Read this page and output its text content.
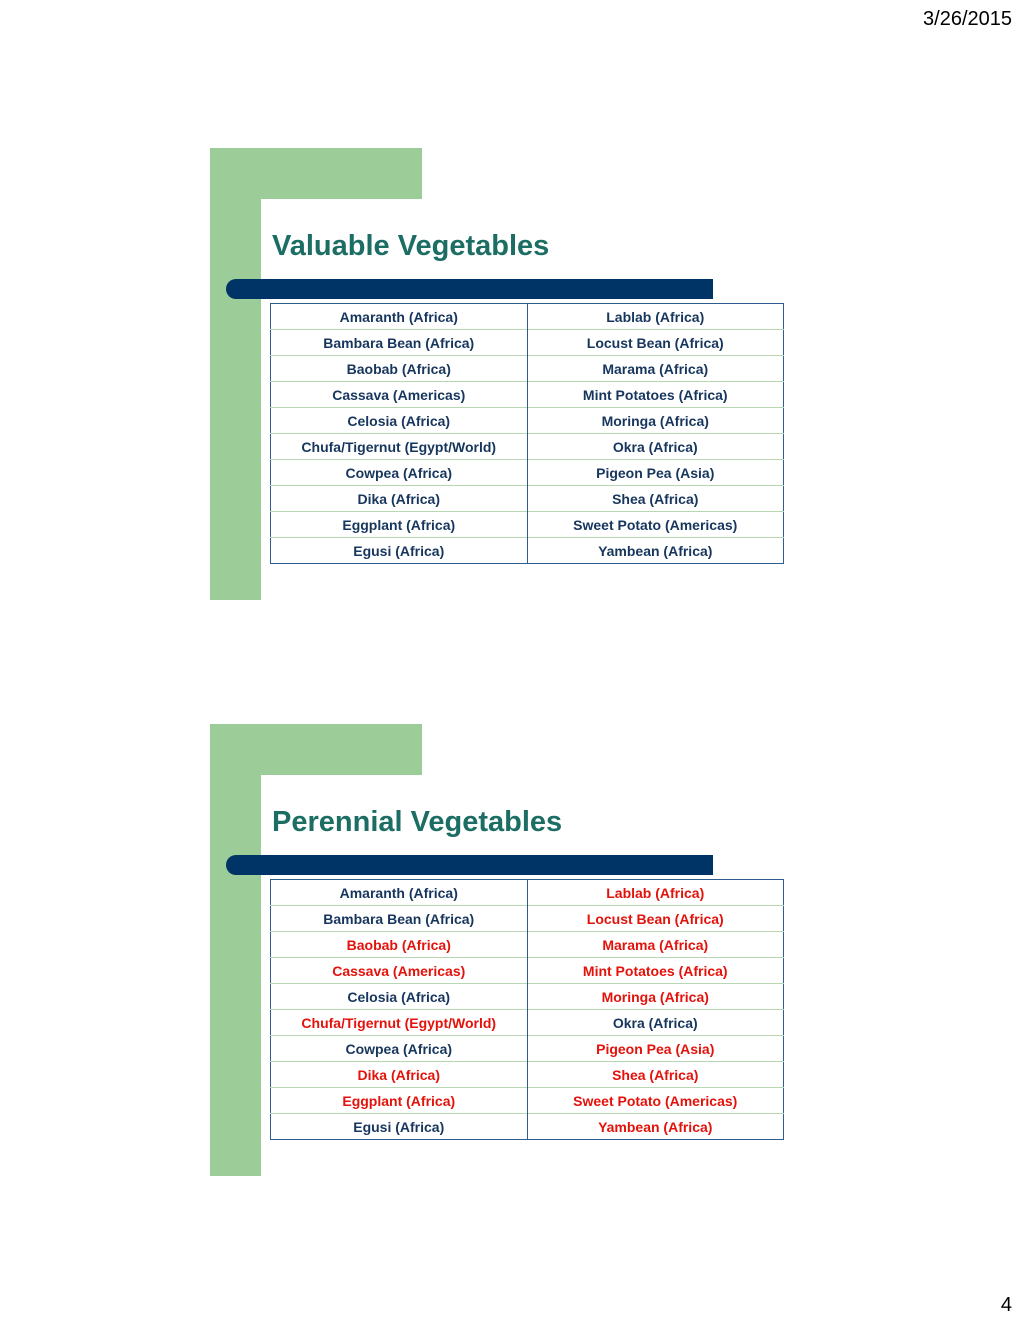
3/26/2015
Valuable Vegetables
Amaranth (Africa)	Lablab (Africa)
Bambara Bean (Africa)	Locust Bean (Africa)
Baobab (Africa)	Marama (Africa)
Cassava (Americas)	Mint Potatoes (Africa)
Celosia (Africa)	Moringa (Africa)
Chufa/Tigernut (Egypt/World)	Okra (Africa)
Cowpea (Africa)	Pigeon Pea (Asia)
Dika (Africa)	Shea (Africa)
Eggplant (Africa)	Sweet Potato (Americas)
Egusi (Africa)	Yambean (Africa)
Perennial Vegetables
Amaranth (Africa)	Lablab (Africa)
Bambara Bean (Africa)	Locust Bean (Africa)
Baobab (Africa)	Marama (Africa)
Cassava (Americas)	Mint Potatoes (Africa)
Celosia (Africa)	Moringa (Africa)
Chufa/Tigernut (Egypt/World)	Okra (Africa)
Cowpea (Africa)	Pigeon Pea (Asia)
Dika (Africa)	Shea (Africa)
Eggplant (Africa)	Sweet Potato (Americas)
Egusi (Africa)	Yambean (Africa)
4
